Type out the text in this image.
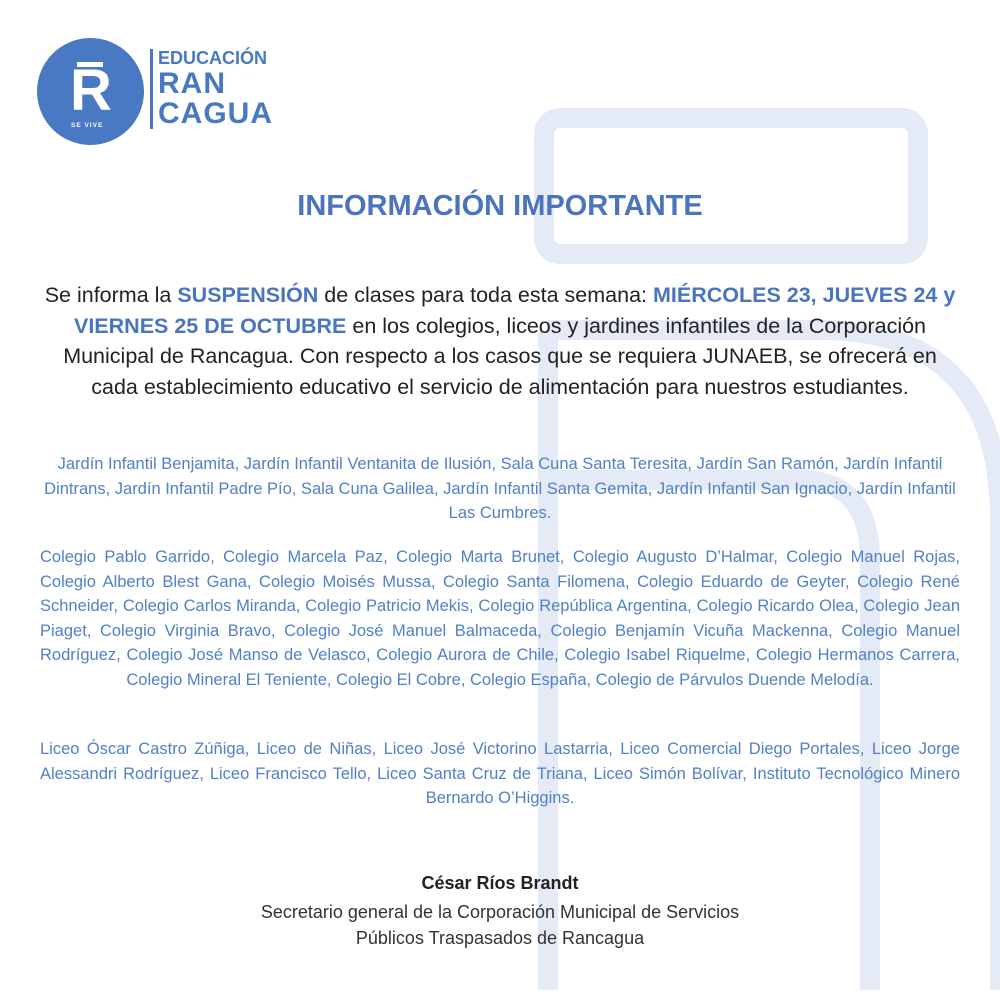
R
SE VIVE
EDUCACIÓN
RAN
CAGUA
INFORMACIÓN IMPORTANTE

Se informa la SUSPENSIÓN de clases para toda esta semana: MIÉRCOLES 23, JUEVES 24 y VIERNES 25 DE OCTUBRE en los colegios, liceos y jardines infantiles de la Corporación Municipal de Rancagua. Con respecto a los casos que se requiera JUNAEB, se ofrecerá en cada establecimiento educativo el servicio de alimentación para nuestros estudiantes.

Jardín Infantil Benjamita, Jardín Infantil Ventanita de Ilusión, Sala Cuna Santa Teresita, Jardín San Ramón, Jardín Infantil Dintrans, Jardín Infantil Padre Pío, Sala Cuna Galilea, Jardín Infantil Santa Gemita, Jardín Infantil San Ignacio, Jardín Infantil Las Cumbres.

Colegio Pablo Garrido, Colegio Marcela Paz, Colegio Marta Brunet, Colegio Augusto D’Halmar, Colegio Manuel Rojas, Colegio Alberto Blest Gana, Colegio Moisés Mussa, Colegio Santa Filomena, Colegio Eduardo de Geyter, Colegio René Schneider, Colegio Carlos Miranda, Colegio Patricio Mekis, Colegio República Argentina, Colegio Ricardo Olea, Colegio Jean Piaget, Colegio Virginia Bravo, Colegio José Manuel Balmaceda, Colegio Benjamín Vicuña Mackenna, Colegio Manuel Rodríguez, Colegio José Manso de Velasco, Colegio Aurora de Chile, Colegio Isabel Riquelme, Colegio Hermanos Carrera, Colegio Mineral El Teniente, Colegio El Cobre, Colegio España, Colegio de Párvulos Duende Melodía.

Liceo Óscar Castro Zúñiga, Liceo de Niñas, Liceo José Victorino Lastarria, Liceo Comercial Diego Portales, Liceo Jorge Alessandri Rodríguez, Liceo Francisco Tello, Liceo Santa Cruz de Triana, Liceo Simón Bolívar, Instituto Tecnológico Minero Bernardo O’Higgins.

César Ríos Brandt

Secretario general de la Corporación Municipal de Servicios Públicos Traspasados de Rancagua
